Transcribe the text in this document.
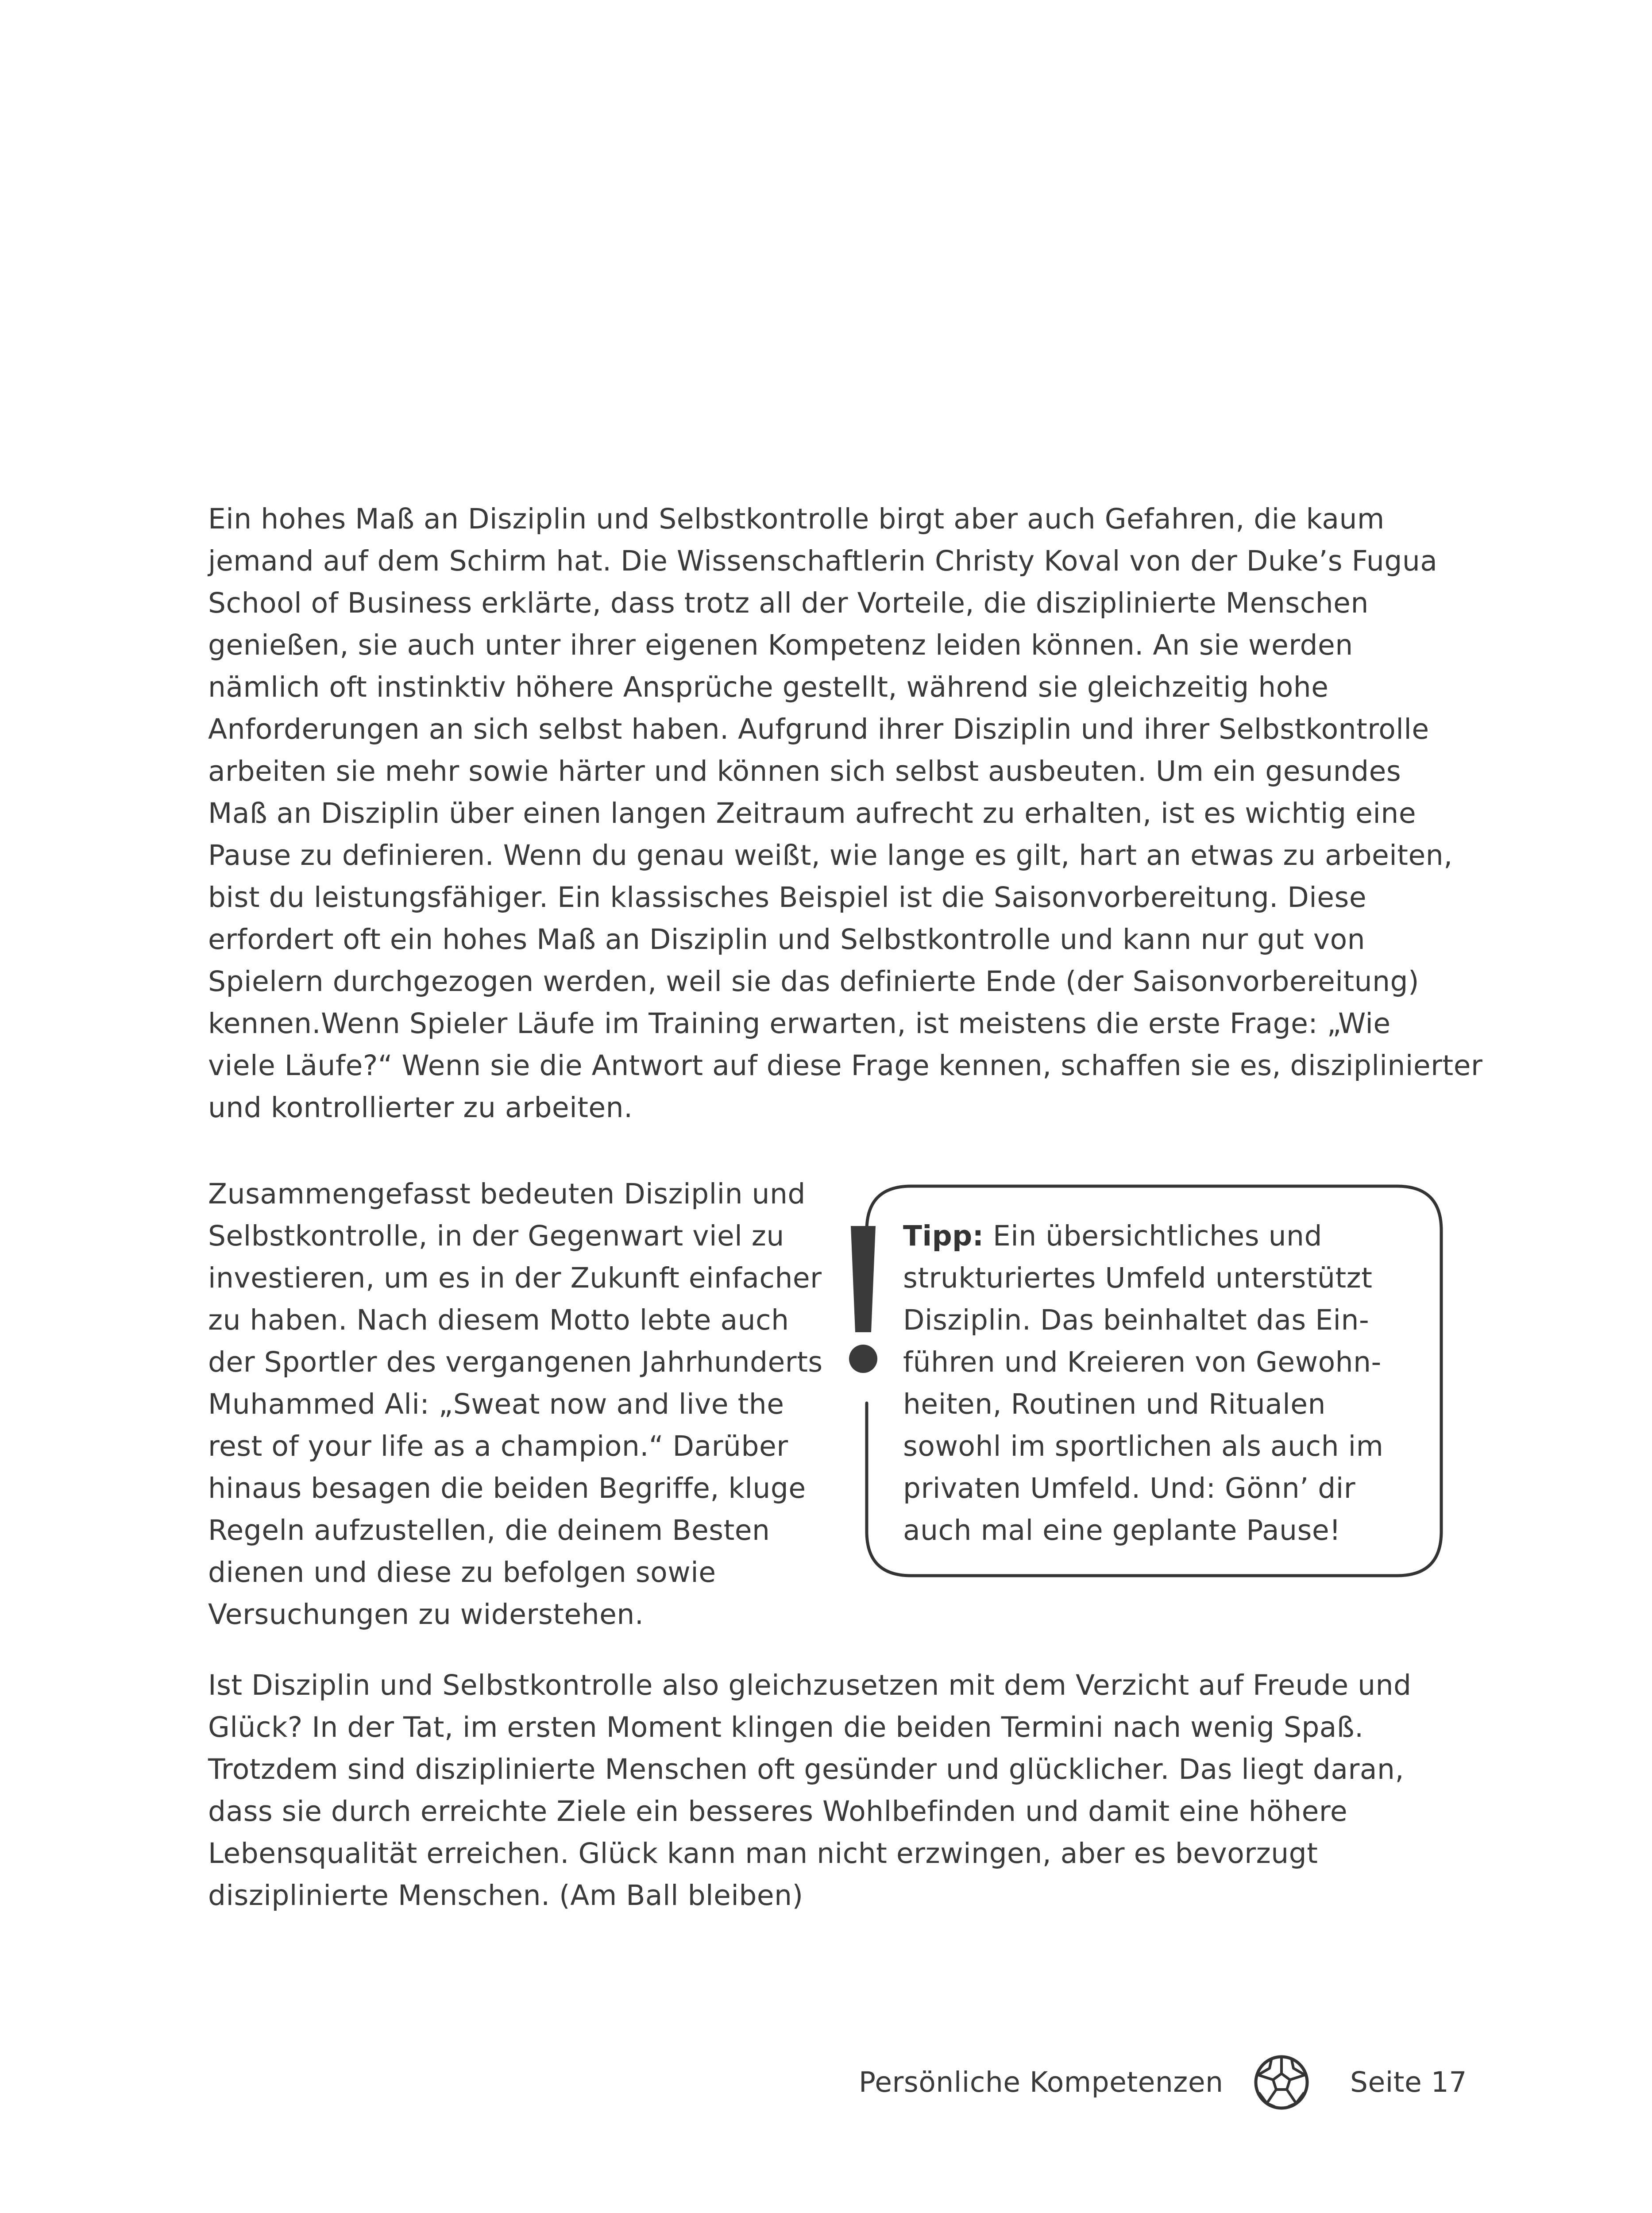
Ein hohes Maß an Disziplin und Selbstkontrolle birgt aber auch Gefahren, die kaum
jemand auf dem Schirm hat. Die Wissenschaftlerin Christy Koval von der Duke’s Fugua
School of Business erklärte, dass trotz all der Vorteile, die disziplinierte Menschen
genießen, sie auch unter ihrer eigenen Kompetenz leiden können. An sie werden
nämlich oft instinktiv höhere Ansprüche gestellt, während sie gleichzeitig hohe
Anforderungen an sich selbst haben. Aufgrund ihrer Disziplin und ihrer Selbstkontrolle
arbeiten sie mehr sowie härter und können sich selbst ausbeuten. Um ein gesundes
Maß an Disziplin über einen langen Zeitraum aufrecht zu erhalten, ist es wichtig eine
Pause zu definieren. Wenn du genau weißt, wie lange es gilt, hart an etwas zu arbeiten,
bist du leistungsfähiger. Ein klassisches Beispiel ist die Saisonvorbereitung. Diese
erfordert oft ein hohes Maß an Disziplin und Selbstkontrolle und kann nur gut von
Spielern durchgezogen werden, weil sie das definierte Ende (der Saisonvorbereitung)
kennen.Wenn Spieler Läufe im Training erwarten, ist meistens die erste Frage: „Wie
viele Läufe?“ Wenn sie die Antwort auf diese Frage kennen, schaffen sie es, disziplinierter
und kontrollierter zu arbeiten.
Zusammengefasst bedeuten Disziplin und
Selbstkontrolle, in der Gegenwart viel zu
investieren, um es in der Zukunft einfacher
zu haben. Nach diesem Motto lebte auch
der Sportler des vergangenen Jahrhunderts
Muhammed Ali: „Sweat now and live the
rest of your life as a champion.“ Darüber
hinaus besagen die beiden Begriffe, kluge
Regeln aufzustellen, die deinem Besten
dienen und diese zu befolgen sowie
Versuchungen zu widerstehen.
Tipp: Ein übersichtliches und
strukturiertes Umfeld unterstützt
Disziplin. Das beinhaltet das Ein-
führen und Kreieren von Gewohn-
heiten, Routinen und Ritualen
sowohl im sportlichen als auch im
privaten Umfeld. Und: Gönn’ dir
auch mal eine geplante Pause!
Ist Disziplin und Selbstkontrolle also gleichzusetzen mit dem Verzicht auf Freude und
Glück? In der Tat, im ersten Moment klingen die beiden Termini nach wenig Spaß.
Trotzdem sind disziplinierte Menschen oft gesünder und glücklicher. Das liegt daran,
dass sie durch erreichte Ziele ein besseres Wohlbefinden und damit eine höhere
Lebensqualität erreichen. Glück kann man nicht erzwingen, aber es bevorzugt
disziplinierte Menschen. (Am Ball bleiben)
Persönliche Kompetenzen	Seite 17
